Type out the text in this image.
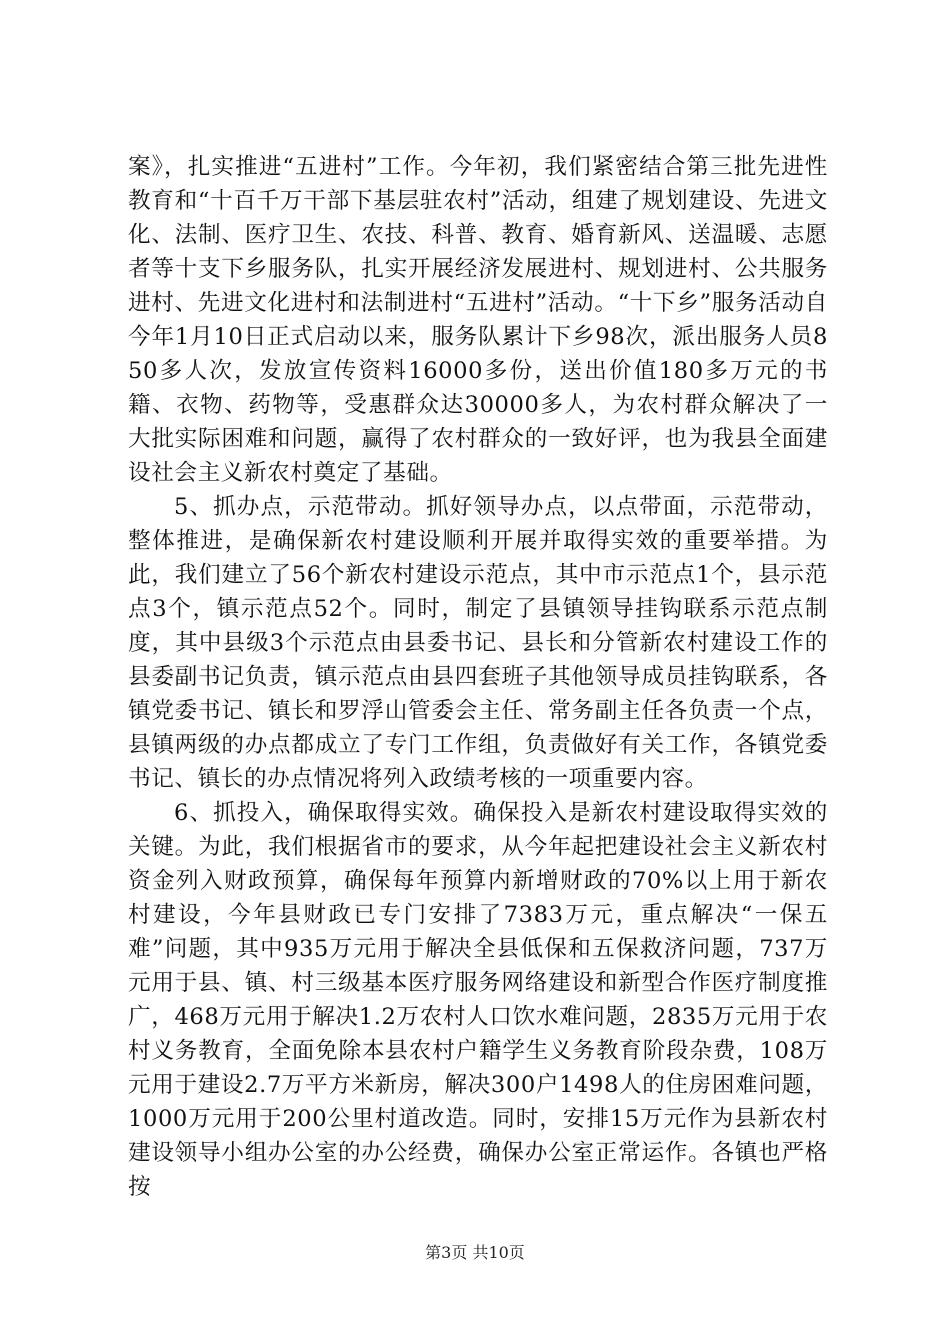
案》，扎实推进“五进村”工作。今年初，我们紧密结合第三批先进性教育和“十百千万干部下基层驻农村”活动，组建了规划建设、先进文化、法制、医疗卫生、农技、科普、教育、婚育新风、送温暖、志愿者等十支下乡服务队，扎实开展经济发展进村、规划进村、公共服务进村、先进文化进村和法制进村“五进村”活动。“十下乡”服务活动自今年1月10日正式启动以来，服务队累计下乡98次，派出服务人员850多人次，发放宣传资料16000多份，送出价值180多万元的书籍、衣物、药物等，受惠群众达30000多人，为农村群众解决了一大批实际困难和问题，赢得了农村群众的一致好评，也为我县全面建设社会主义新农村奠定了基础。

5、抓办点，示范带动。抓好领导办点，以点带面，示范带动，整体推进，是确保新农村建设顺利开展并取得实效的重要举措。为此，我们建立了56个新农村建设示范点，其中市示范点1个，县示范点3个，镇示范点52个。同时，制定了县镇领导挂钩联系示范点制度，其中县级3个示范点由县委书记、县长和分管新农村建设工作的县委副书记负责，镇示范点由县四套班子其他领导成员挂钩联系，各镇党委书记、镇长和罗浮山管委会主任、常务副主任各负责一个点，县镇两级的办点都成立了专门工作组，负责做好有关工作，各镇党委书记、镇长的办点情况将列入政绩考核的一项重要内容。

6、抓投入，确保取得实效。确保投入是新农村建设取得实效的关键。为此，我们根据省市的要求，从今年起把建设社会主义新农村资金列入财政预算，确保每年预算内新增财政的70%以上用于新农村建设，今年县财政已专门安排了7383万元，重点解决“一保五难”问题，其中935万元用于解决全县低保和五保救济问题，737万元用于县、镇、村三级基本医疗服务网络建设和新型合作医疗制度推广，468万元用于解决1.2万农村人口饮水难问题，2835万元用于农村义务教育，全面免除本县农村户籍学生义务教育阶段杂费，108万元用于建设2.7万平方米新房，解决300户1498人的住房困难问题，1000万元用于200公里村道改造。同时，安排15万元作为县新农村建设领导小组办公室的办公经费，确保办公室正常运作。各镇也严格按

第3页 共10页
